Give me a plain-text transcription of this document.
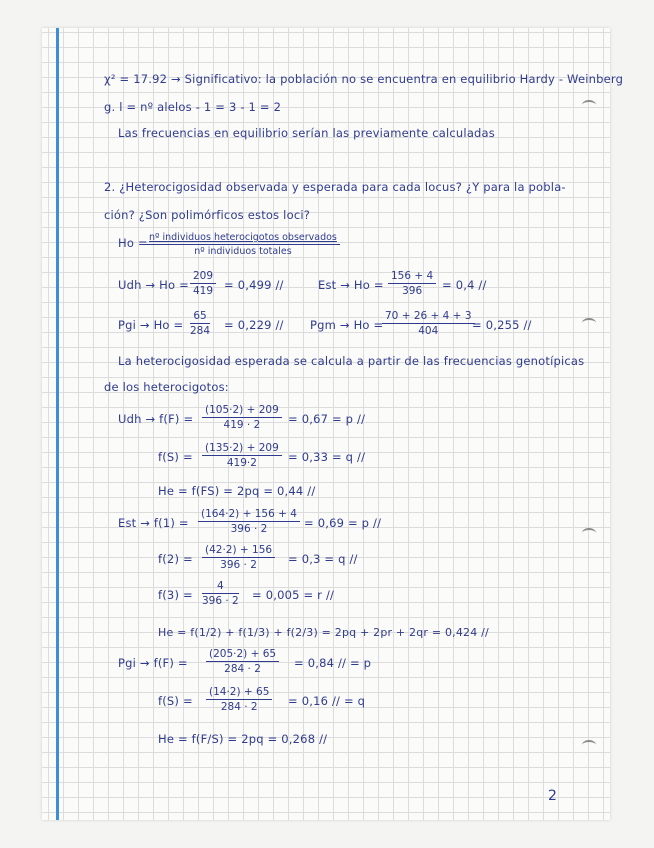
χ² = 17.92 → Significativo: la población no se encuentra en equilibrio Hardy - Weinberg
g. l = nº alelos - 1 = 3 - 1 = 2
Las frecuencias en equilibrio serían las previamente calculadas
2. ¿Heterocigosidad observada y esperada para cada locus? ¿Y para la pobla-
ción? ¿Son polimórficos estos loci?
Ho = nº individuos heterocigotos observados
nº individuos totales
Udh → $Ho = \frac{209}{419} = 0,499$ //	Est → $Ho = \frac{156 + 4}{396} = 0,4$ //
Pgi → $Ho = \frac{65}{284} = 0,229$ // Pgm → Ho =
$\frac{70 + 26 + 4 + 3}{404}$
= 0,255 //
La heterocigosidad esperada se calcula a partir de las frecuencias genotípicas
de los heterocigotos:
Udh → $f(F) = \frac{(105\cdot 2) + 209}{419 \cdot 2} = 0,67 = p$ //
$f(S) = \frac{(135\cdot 2) + 209}{419\cdot 2} = 0,33 = q$ //
He = f(FS) = 2pq = 0,44 //
Est → $f(1) = \frac{(164\cdot 2) + 156 + 4}{396 \cdot 2} = 0,69 = p$ //
$f(2) = \frac{(42\cdot 2) + 156}{396 \cdot 2} = 0,3 = q$ //
$f(3) = \frac{4}{396 \cdot 2} = 0,005 = r$ //
He = f(1/2) + f(1/3) + f(2/3) = 2pq + 2pr + 2qr = 0,424 //
Pgi → $f(F) = \frac{(205\cdot 2) + 65}{284 \cdot 2} = 0,84$ // = p
$f(S) = \frac{(14\cdot 2) + 65}{284 \cdot 2} = 0,16$ // = q
He = f(F/S) = 2pq = 0,268 //
2
